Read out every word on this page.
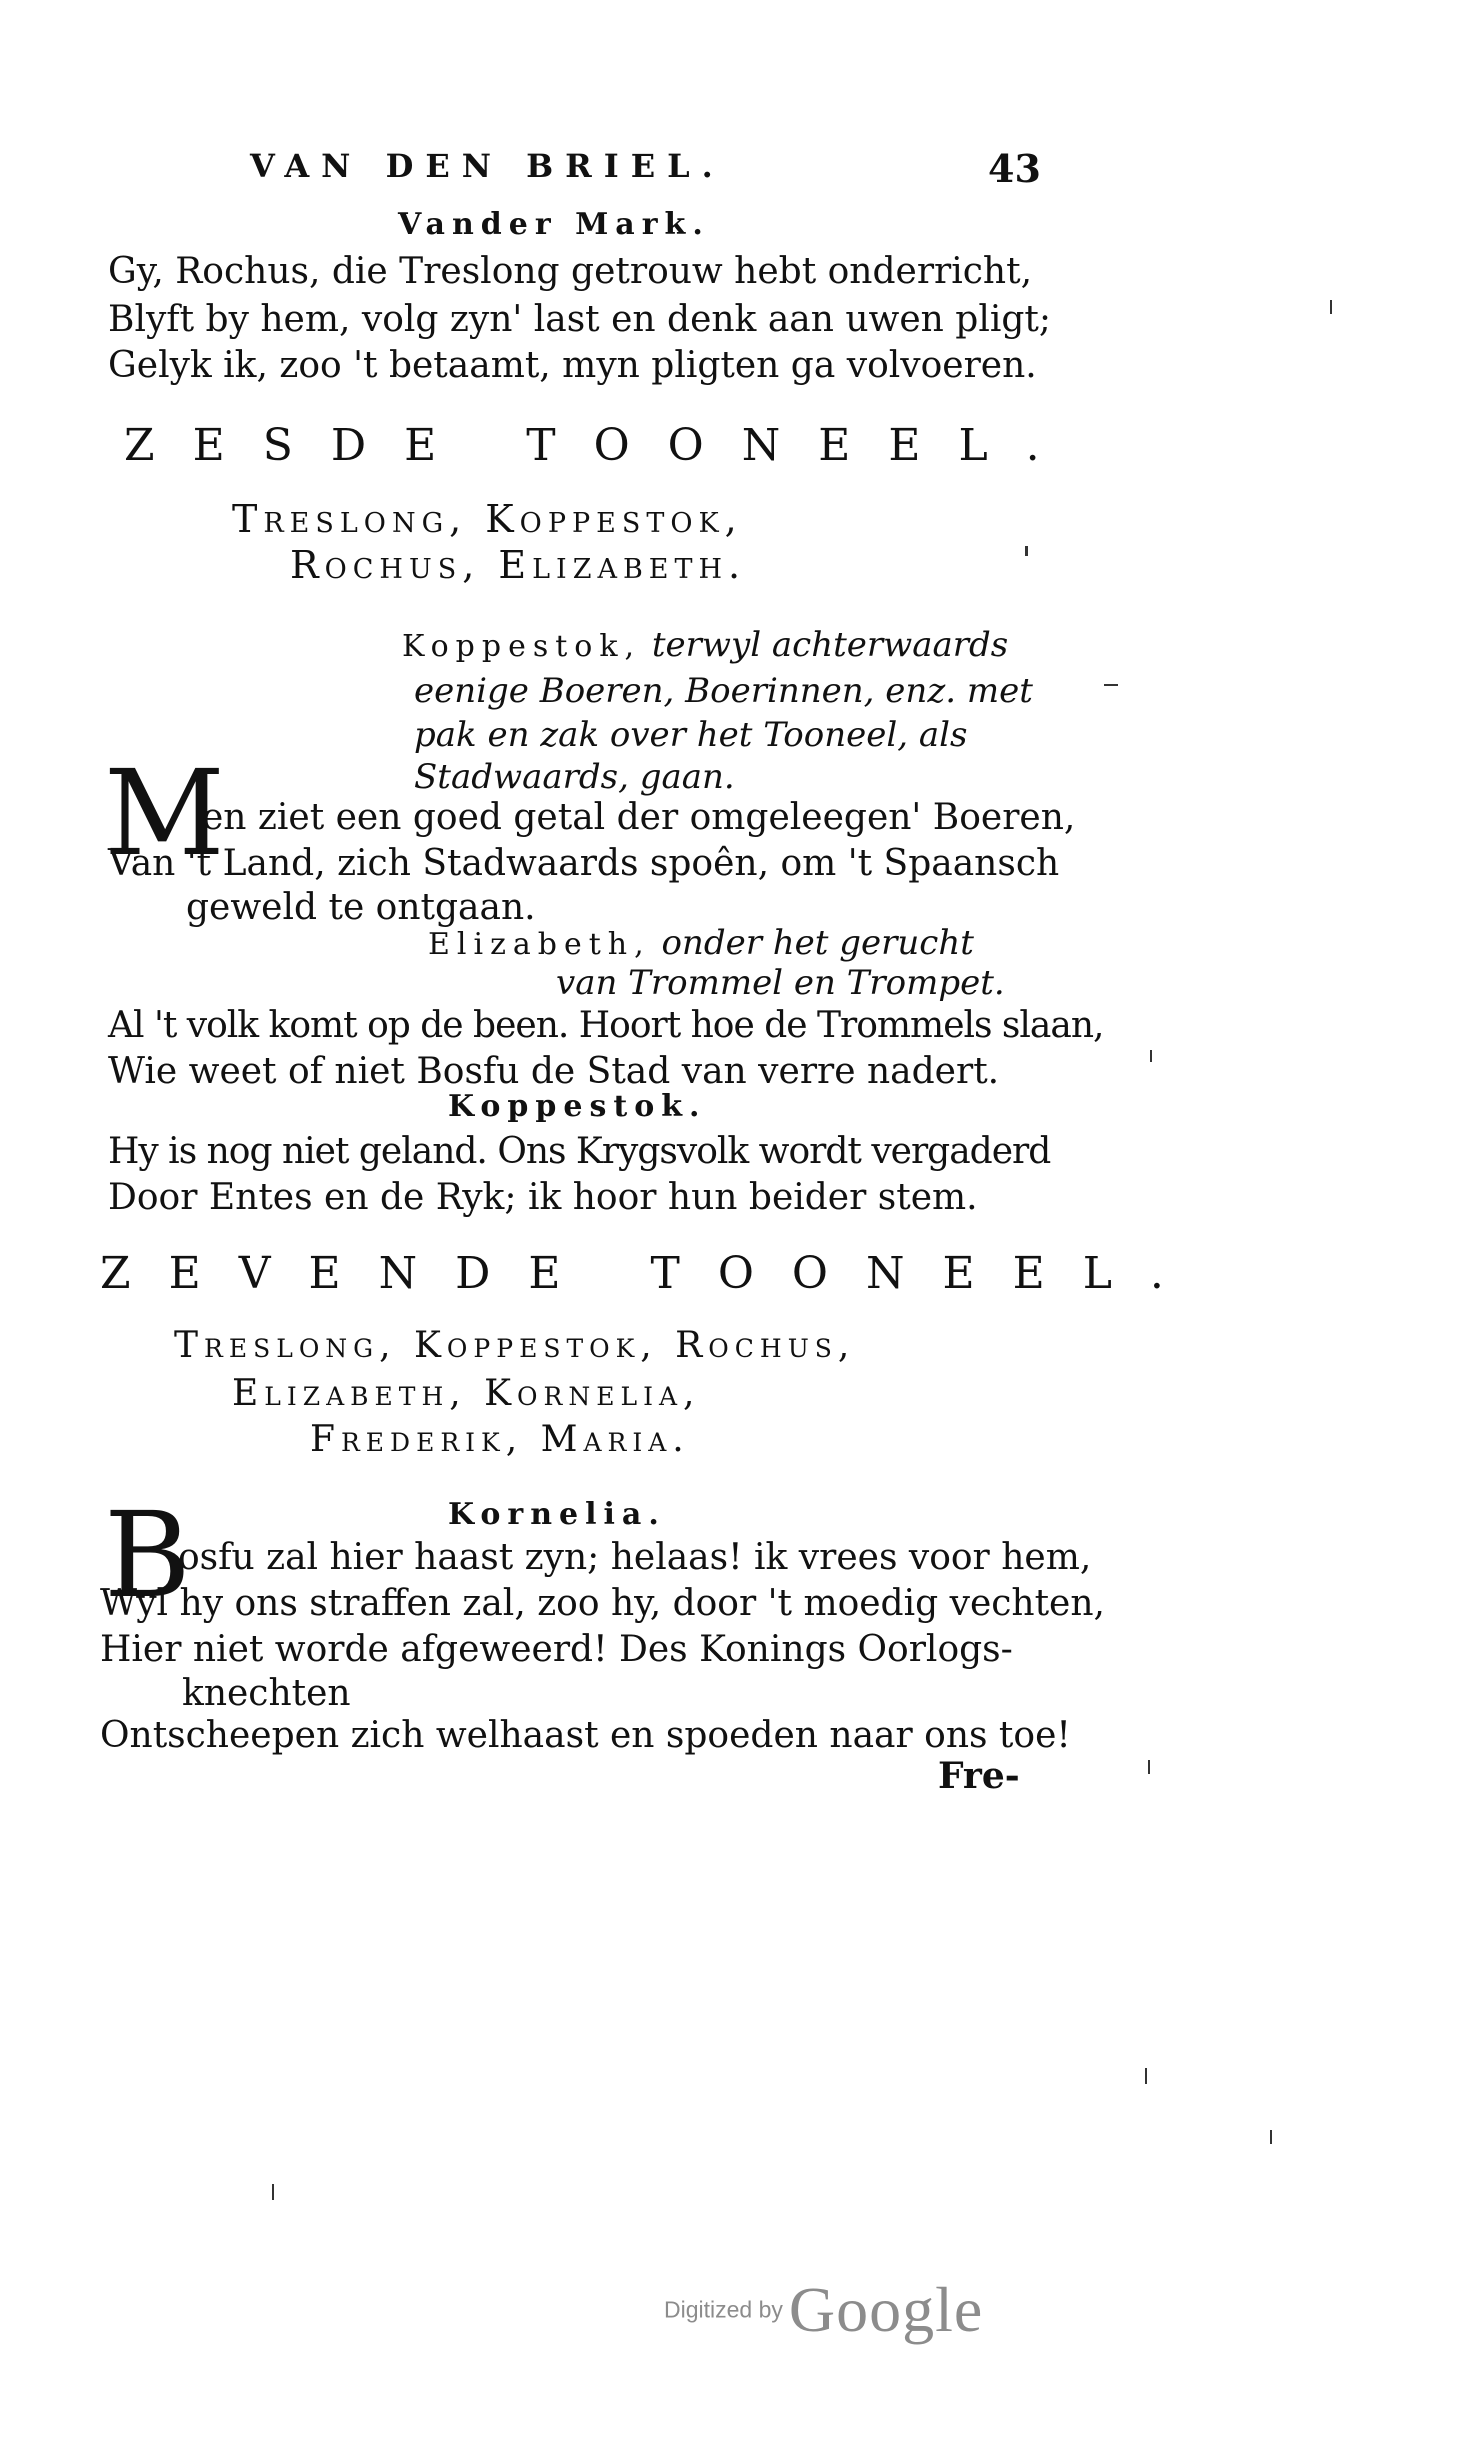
VAN DEN BRIEL.	43
Vander Mark.
Gy, Rochus, die Treslong getrouw hebt onderricht,
Blyft by hem, volg zyn' last en denk aan uwen pligt;
Gelyk ik, zoo 't betaamt, myn pligten ga volvoeren.
ZESDE TOONEEL.
Treslong, Koppestok,
Rochus, Elizabeth.
Koppestok, terwyl achterwaards
eenige Boeren, Boerinnen, enz. met
pak en zak over het Tooneel, als
Stadwaards, gaan.
M
en ziet een goed getal der omgeleegen' Boeren,
Van 't Land, zich Stadwaards spoên, om 't Spaansch
geweld te ontgaan.
Elizabeth, onder het gerucht
van Trommel en Trompet.
Al 't volk komt op de been. Hoort hoe de Trommels slaan,
Wie weet of niet Bosfu de Stad van verre nadert.
Koppestok.
Hy is nog niet geland. Ons Krygsvolk wordt vergaderd
Door Entes en de Ryk; ik hoor hun beider stem.
ZEVENDE TOONEEL.
Treslong, Koppestok, Rochus,
Elizabeth, Kornelia,
Frederik, Maria.
Kornelia.
B
osfu zal hier haast zyn; helaas! ik vrees voor hem,
Wyl hy ons straffen zal, zoo hy, door 't moedig vechten,
Hier niet worde afgeweerd! Des Konings Oorlogs-
knechten
Ontscheepen zich welhaast en spoeden naar ons toe!
Fre-
Digitized byGoogle
